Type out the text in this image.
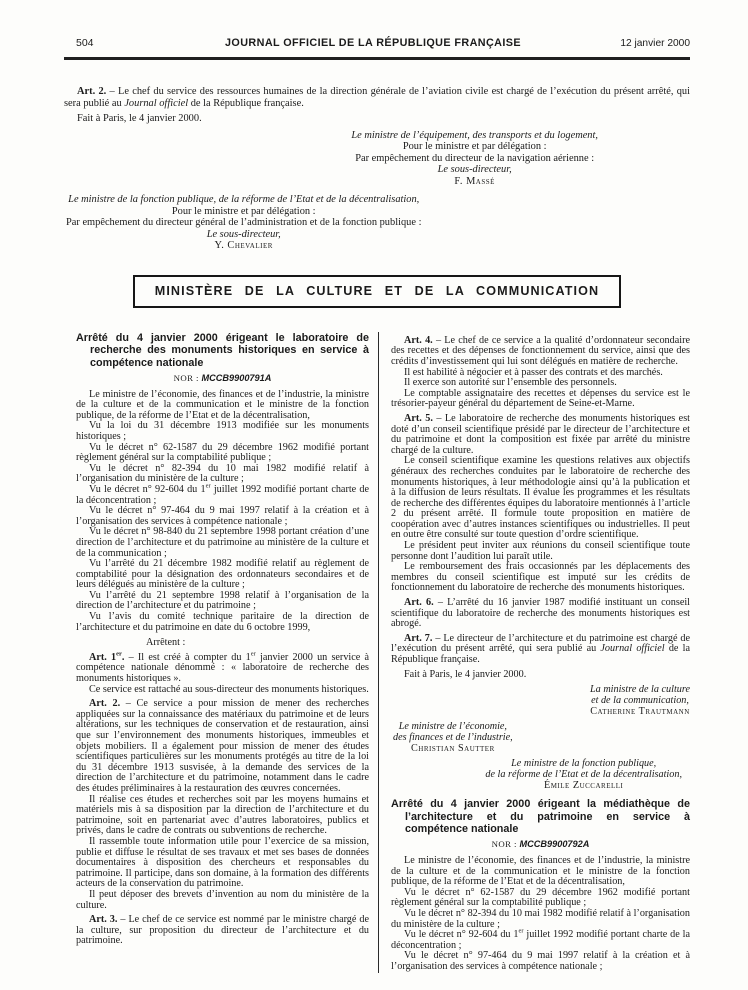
504	JOURNAL OFFICIEL DE LA RÉPUBLIQUE FRANÇAISE	12 janvier 2000

Art. 2. – Le chef du service des ressources humaines de la direction générale de l’aviation civile est chargé de l’exécution du présent arrêté, qui sera publié au Journal officiel de la République française.

Fait à Paris, le 4 janvier 2000.

Le ministre de l’équipement, des transports et du logement,
Pour le ministre et par délégation :
Par empêchement du directeur de la navigation aérienne :
Le sous-directeur,
F. Massé
Le ministre de la fonction publique, de la réforme de l’Etat et de la décentralisation,
Pour le ministre et par délégation :
Par empêchement du directeur général de l’administration et de la fonction publique :
Le sous-directeur,
Y. Chevalier
MINISTÈRE DE LA CULTURE ET DE LA COMMUNICATION
Arrêté du 4 janvier 2000 érigeant le laboratoire de recherche des monuments historiques en service à compétence nationale
NOR : MCCB9900791A

Le ministre de l’économie, des finances et de l’industrie, la ministre de la culture et de la communication et le ministre de la fonction publique, de la réforme de l’Etat et de la décentralisation,

Vu la loi du 31 décembre 1913 modifiée sur les monuments historiques ;

Vu le décret n° 62-1587 du 29 décembre 1962 modifié portant règlement général sur la comptabilité publique ;

Vu le décret n° 82-394 du 10 mai 1982 modifié relatif à l’organisation du ministère de la culture ;

Vu le décret n° 92-604 du 1er juillet 1992 modifié portant charte de la déconcentration ;

Vu le décret n° 97-464 du 9 mai 1997 relatif à la création et à l’organisation des services à compétence nationale ;

Vu le décret n° 98-840 du 21 septembre 1998 portant création d’une direction de l’architecture et du patrimoine au ministère de la culture et de la communication ;

Vu l’arrêté du 21 décembre 1982 modifié relatif au règlement de comptabilité pour la désignation des ordonnateurs secondaires et de leurs délégués au ministère de la culture ;

Vu l’arrêté du 21 septembre 1998 relatif à l’organisation de la direction de l’architecture et du patrimoine ;

Vu l’avis du comité technique paritaire de la direction de l’architecture et du patrimoine en date du 6 octobre 1999,

Arrêtent :

Art. 1er. – Il est créé à compter du 1er janvier 2000 un service à compétence nationale dénommé : « laboratoire de recherche des monuments historiques ».

Ce service est rattaché au sous-directeur des monuments historiques.

Art. 2. – Ce service a pour mission de mener des recherches appliquées sur la connaissance des matériaux du patrimoine et de leurs altérations, sur les techniques de conservation et de restauration, ainsi que sur l’environnement des monuments historiques, immeubles et objets mobiliers. Il a également pour mission de mener des études scientifiques particulières sur les monuments protégés au titre de la loi du 31 décembre 1913 susvisée, à la demande des services de la direction de l’architecture et du patrimoine, notamment dans le cadre des études préliminaires à la restauration des œuvres concernées.

Il réalise ces études et recherches soit par les moyens humains et matériels mis à sa disposition par la direction de l’architecture et du patrimoine, soit en partenariat avec d’autres laboratoires, publics et privés, dans le cadre de contrats ou subventions de recherche.

Il rassemble toute information utile pour l’exercice de sa mission, publie et diffuse le résultat de ses travaux et met ses bases de données documentaires à disposition des chercheurs et responsables du patrimoine. Il participe, dans son domaine, à la formation des différents acteurs de la conservation du patrimoine.

Il peut déposer des brevets d’invention au nom du ministère de la culture.

Art. 3. – Le chef de ce service est nommé par le ministre chargé de la culture, sur proposition du directeur de l’architecture et du patrimoine.

Art. 4. – Le chef de ce service a la qualité d’ordonnateur secondaire des recettes et des dépenses de fonctionnement du service, ainsi que des crédits d’investissement qui lui sont délégués en matière de recherche.

Il est habilité à négocier et à passer des contrats et des marchés.

Il exerce son autorité sur l’ensemble des personnels.

Le comptable assignataire des recettes et dépenses du service est le trésorier-payeur général du département de Seine-et-Marne.

Art. 5. – Le laboratoire de recherche des monuments historiques est doté d’un conseil scientifique présidé par le directeur de l’architecture et du patrimoine et dont la composition est fixée par arrêté du ministre chargé de la culture.

Le conseil scientifique examine les questions relatives aux objectifs généraux des recherches conduites par le laboratoire de recherche des monuments historiques, à leur méthodologie ainsi qu’à la publication et à la diffusion de leurs résultats. Il évalue les programmes et les résultats de recherche des différentes équipes du laboratoire mentionnés à l’article 2 du présent arrêté. Il formule toute proposition en matière de coopération avec d’autres instances scientifiques ou industrielles. Il peut en outre être consulté sur toute question d’ordre scientifique.

Le président peut inviter aux réunions du conseil scientifique toute personne dont l’audition lui paraît utile.

Le remboursement des frais occasionnés par les déplacements des membres du conseil scientifique est imputé sur les crédits de fonctionnement du laboratoire de recherche des monuments historiques.

Art. 6. – L’arrêté du 16 janvier 1987 modifié instituant un conseil scientifique du laboratoire de recherche des monuments historiques est abrogé.

Art. 7. – Le directeur de l’architecture et du patrimoine est chargé de l’exécution du présent arrêté, qui sera publié au Journal officiel de la République française.

Fait à Paris, le 4 janvier 2000.

La ministre de la culture
et de la communication,
Catherine Trautmann
Le ministre de l’économie,
des finances et de l’industrie,
Christian Sautter
Le ministre de la fonction publique,
de la réforme de l’Etat et de la décentralisation,
Émile Zuccarelli
Arrêté du 4 janvier 2000 érigeant la médiathèque de l’architecture et du patrimoine en service à compétence nationale
NOR : MCCB9900792A

Le ministre de l’économie, des finances et de l’industrie, la ministre de la culture et de la communication et le ministre de la fonction publique, de la réforme de l’Etat et de la décentralisation,

Vu le décret n° 62-1587 du 29 décembre 1962 modifié portant règlement général sur la comptabilité publique ;

Vu le décret n° 82-394 du 10 mai 1982 modifié relatif à l’organisation du ministère de la culture ;

Vu le décret n° 92-604 du 1er juillet 1992 modifié portant charte de la déconcentration ;

Vu le décret n° 97-464 du 9 mai 1997 relatif à la création et à l’organisation des services à compétence nationale ;
